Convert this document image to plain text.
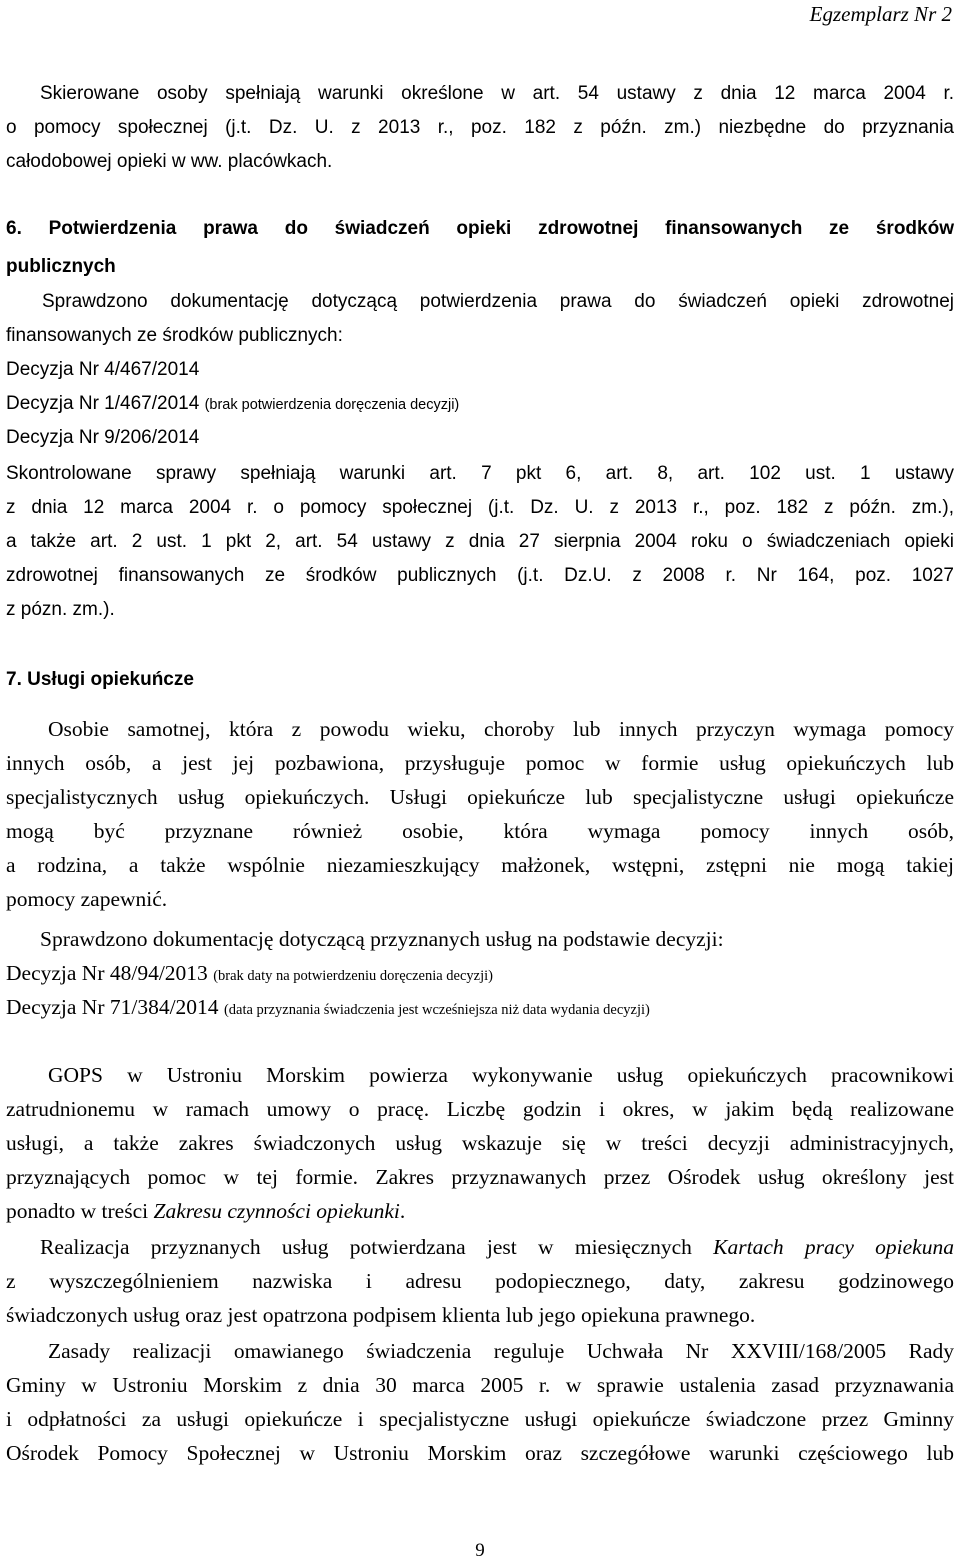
Egzemplarz Nr 2
Skierowane osoby spełniają warunki określone w art. 54 ustawy z dnia 12 marca 2004 r.
o pomocy społecznej (j.t. Dz. U. z 2013 r., poz. 182 z późn. zm.) niezbędne do przyznania
całodobowej opieki w ww. placówkach.
6. Potwierdzenia prawa do świadczeń opieki zdrowotnej finansowanych ze środków
publicznych
Sprawdzono dokumentację dotyczącą potwierdzenia prawa do świadczeń opieki zdrowotnej
finansowanych ze środków publicznych:
Decyzja Nr 4/467/2014
Decyzja Nr 1/467/2014 (brak potwierdzenia doręczenia decyzji)
Decyzja Nr 9/206/2014
Skontrolowane sprawy spełniają warunki art. 7 pkt 6, art. 8, art. 102 ust. 1 ustawy
z dnia 12 marca 2004 r. o pomocy społecznej (j.t. Dz. U. z 2013 r., poz. 182 z późn. zm.),
a także art. 2 ust. 1 pkt 2, art. 54 ustawy z dnia 27 sierpnia 2004 roku o świadczeniach opieki
zdrowotnej finansowanych ze środków publicznych (j.t. Dz.U. z 2008 r. Nr 164, poz. 1027
z pózn. zm.).
7. Usługi opiekuńcze
Osobie samotnej, która z powodu wieku, choroby lub innych przyczyn wymaga pomocy
innych osób, a jest jej pozbawiona, przysługuje pomoc w formie usług opiekuńczych lub
specjalistycznych usług opiekuńczych. Usługi opiekuńcze lub specjalistyczne usługi opiekuńcze
mogą być przyznane również osobie, która wymaga pomocy innych osób,
a rodzina, a także wspólnie niezamieszkujący małżonek, wstępni, zstępni nie mogą takiej
pomocy zapewnić.
Sprawdzono dokumentację dotyczącą przyznanych usług na podstawie decyzji:
Decyzja Nr 48/94/2013 (brak daty na potwierdzeniu doręczenia decyzji)
Decyzja Nr 71/384/2014 (data przyznania świadczenia jest wcześniejsza niż data wydania decyzji)
GOPS w Ustroniu Morskim powierza wykonywanie usług opiekuńczych pracownikowi
zatrudnionemu w ramach umowy o pracę. Liczbę godzin i okres, w jakim będą realizowane
usługi, a także zakres świadczonych usług wskazuje się w treści decyzji administracyjnych,
przyznających pomoc w tej formie. Zakres przyznawanych przez Ośrodek usług określony jest
ponadto w treści Zakresu czynności opiekunki.
Realizacja przyznanych usług potwierdzana jest w miesięcznych Kartach pracy opiekuna
z wyszczególnieniem nazwiska i adresu podopiecznego, daty, zakresu godzinowego
świadczonych usług oraz jest opatrzona podpisem klienta lub jego opiekuna prawnego.
Zasady realizacji omawianego świadczenia reguluje Uchwała Nr XXVIII/168/2005 Rady
Gminy w Ustroniu Morskim z dnia 30 marca 2005 r. w sprawie ustalenia zasad przyznawania
i odpłatności za usługi opiekuńcze i specjalistyczne usługi opiekuńcze świadczone przez Gminny
Ośrodek Pomocy Społecznej w Ustroniu Morskim oraz szczegółowe warunki częściowego lub
9
